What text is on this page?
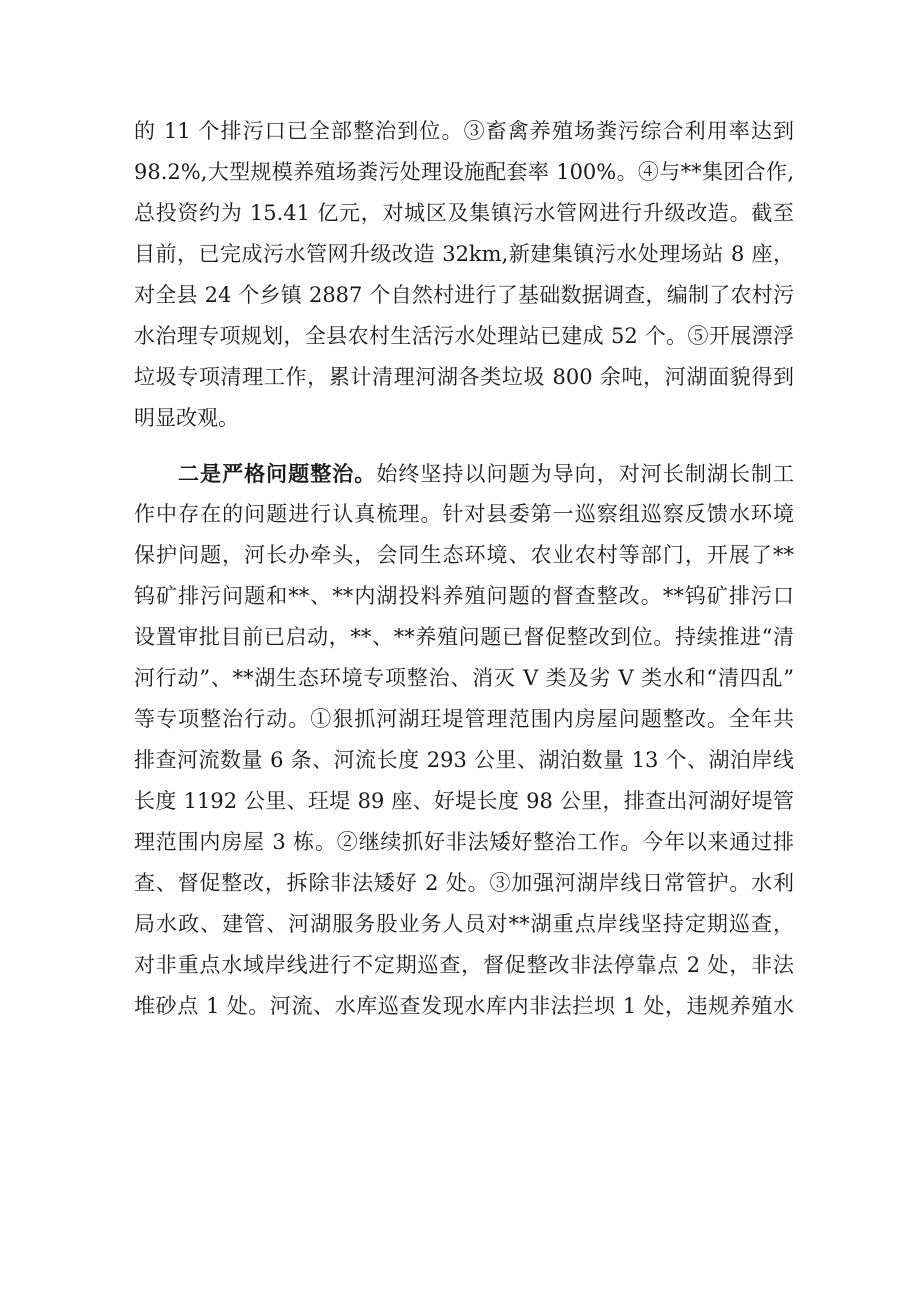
的 11 个排污口已全部整治到位。③畜禽养殖场粪污综合利用率达到
98.2%,大型规模养殖场粪污处理设施配套率 100%。④与**集团合作,
总投资约为 15.41 亿元，对城区及集镇污水管网进行升级改造。截至
目前，已完成污水管网升级改造 32km,新建集镇污水处理场站 8 座，
对全县 24 个乡镇 2887 个自然村进行了基础数据调查，编制了农村污
水治理专项规划，全县农村生活污水处理站已建成 52 个。⑤开展漂浮
垃圾专项清理工作，累计清理河湖各类垃圾 800 余吨，河湖面貌得到
明显改观。
二是严格问题整治。始终坚持以问题为导向，对河长制湖长制工
作中存在的问题进行认真梳理。针对县委第一巡察组巡察反馈水环境
保护问题，河长办牵头，会同生态环境、农业农村等部门，开展了**
钨矿排污问题和**、**内湖投料养殖问题的督查整改。**钨矿排污口
设置审批目前已启动，**、**养殖问题已督促整改到位。持续推进“清
河行动”、**湖生态环境专项整治、消灭 V 类及劣 V 类水和“清四乱”
等专项整治行动。①狠抓河湖玨堤管理范围内房屋问题整改。全年共
排查河流数量 6 条、河流长度 293 公里、湖泊数量 13 个、湖泊岸线
长度 1192 公里、玨堤 89 座、好堤长度 98 公里，排查出河湖好堤管
理范围内房屋 3 栋。②继续抓好非法矮好整治工作。今年以来通过排
查、督促整改，拆除非法矮好 2 处。③加强河湖岸线日常管护。水利
局水政、建管、河湖服务股业务人员对**湖重点岸线坚持定期巡查，
对非重点水域岸线进行不定期巡查，督促整改非法停靠点 2 处，非法
堆砂点 1 处。河流、水库巡查发现水库内非法拦坝 1 处，违规养殖水
